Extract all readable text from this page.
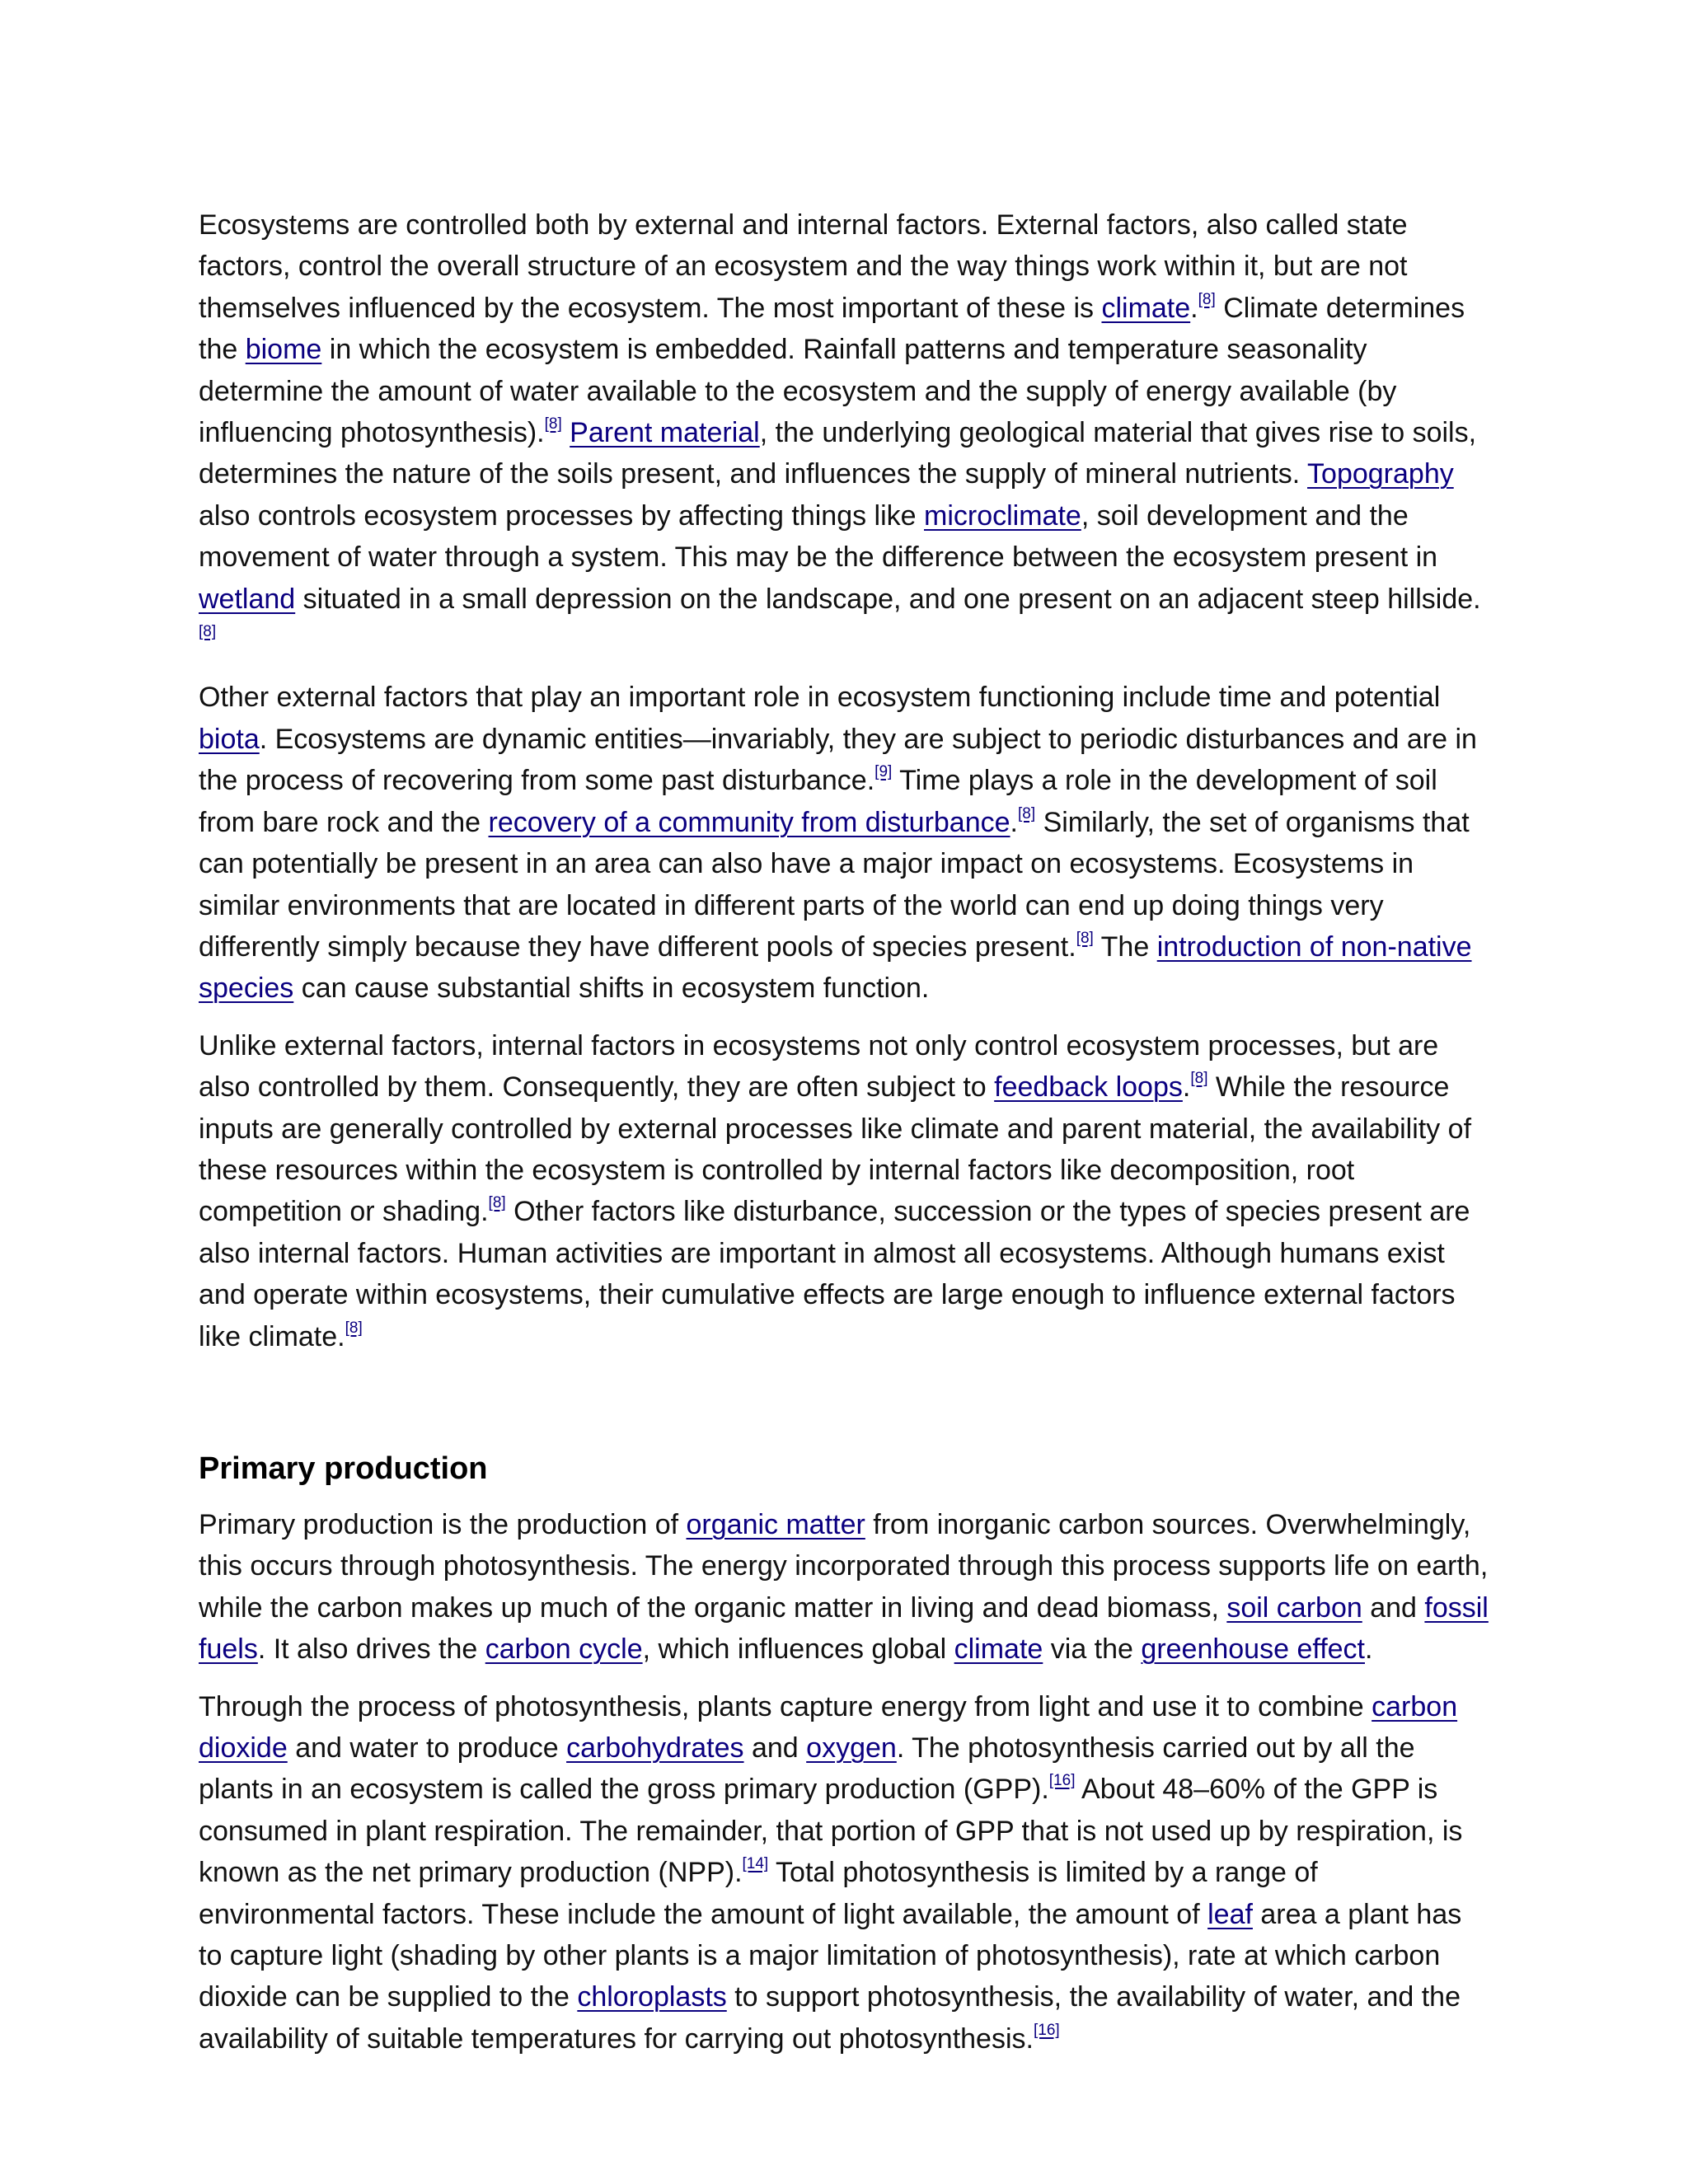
Ecosystems are controlled both by external and internal factors. External factors, also called state factors, control the overall structure of an ecosystem and the way things work within it, but are not themselves influenced by the ecosystem. The most important of these is climate.[8] Climate determines the biome in which the ecosystem is embedded. Rainfall patterns and temperature seasonality determine the amount of water available to the ecosystem and the supply of energy available (by influencing photosynthesis).[8] Parent material, the underlying geological material that gives rise to soils, determines the nature of the soils present, and influences the supply of mineral nutrients. Topography also controls ecosystem processes by affecting things like microclimate, soil development and the movement of water through a system. This may be the difference between the ecosystem present in wetland situated in a small depression on the landscape, and one present on an adjacent steep hillside.[8]

Other external factors that play an important role in ecosystem functioning include time and potential biota. Ecosystems are dynamic entities—invariably, they are subject to periodic disturbances and are in the process of recovering from some past disturbance.[9] Time plays a role in the development of soil from bare rock and the recovery of a community from disturbance.[8] Similarly, the set of organisms that can potentially be present in an area can also have a major impact on ecosystems. Ecosystems in similar environments that are located in different parts of the world can end up doing things very differently simply because they have different pools of species present.[8] The introduction of non-native species can cause substantial shifts in ecosystem function.

Unlike external factors, internal factors in ecosystems not only control ecosystem processes, but are also controlled by them. Consequently, they are often subject to feedback loops.[8] While the resource inputs are generally controlled by external processes like climate and parent material, the availability of these resources within the ecosystem is controlled by internal factors like decomposition, root competition or shading.[8] Other factors like disturbance, succession or the types of species present are also internal factors. Human activities are important in almost all ecosystems. Although humans exist and operate within ecosystems, their cumulative effects are large enough to influence external factors like climate.[8]

Primary production

Primary production is the production of organic matter from inorganic carbon sources. Overwhelmingly, this occurs through photosynthesis. The energy incorporated through this process supports life on earth, while the carbon makes up much of the organic matter in living and dead biomass, soil carbon and fossil fuels. It also drives the carbon cycle, which influences global climate via the greenhouse effect.

Through the process of photosynthesis, plants capture energy from light and use it to combine carbon dioxide and water to produce carbohydrates and oxygen. The photosynthesis carried out by all the plants in an ecosystem is called the gross primary production (GPP).[16] About 48–60% of the GPP is consumed in plant respiration. The remainder, that portion of GPP that is not used up by respiration, is known as the net primary production (NPP).[14] Total photosynthesis is limited by a range of environmental factors. These include the amount of light available, the amount of leaf area a plant has to capture light (shading by other plants is a major limitation of photosynthesis), rate at which carbon dioxide can be supplied to the chloroplasts to support photosynthesis, the availability of water, and the availability of suitable temperatures for carrying out photosynthesis.[16]
